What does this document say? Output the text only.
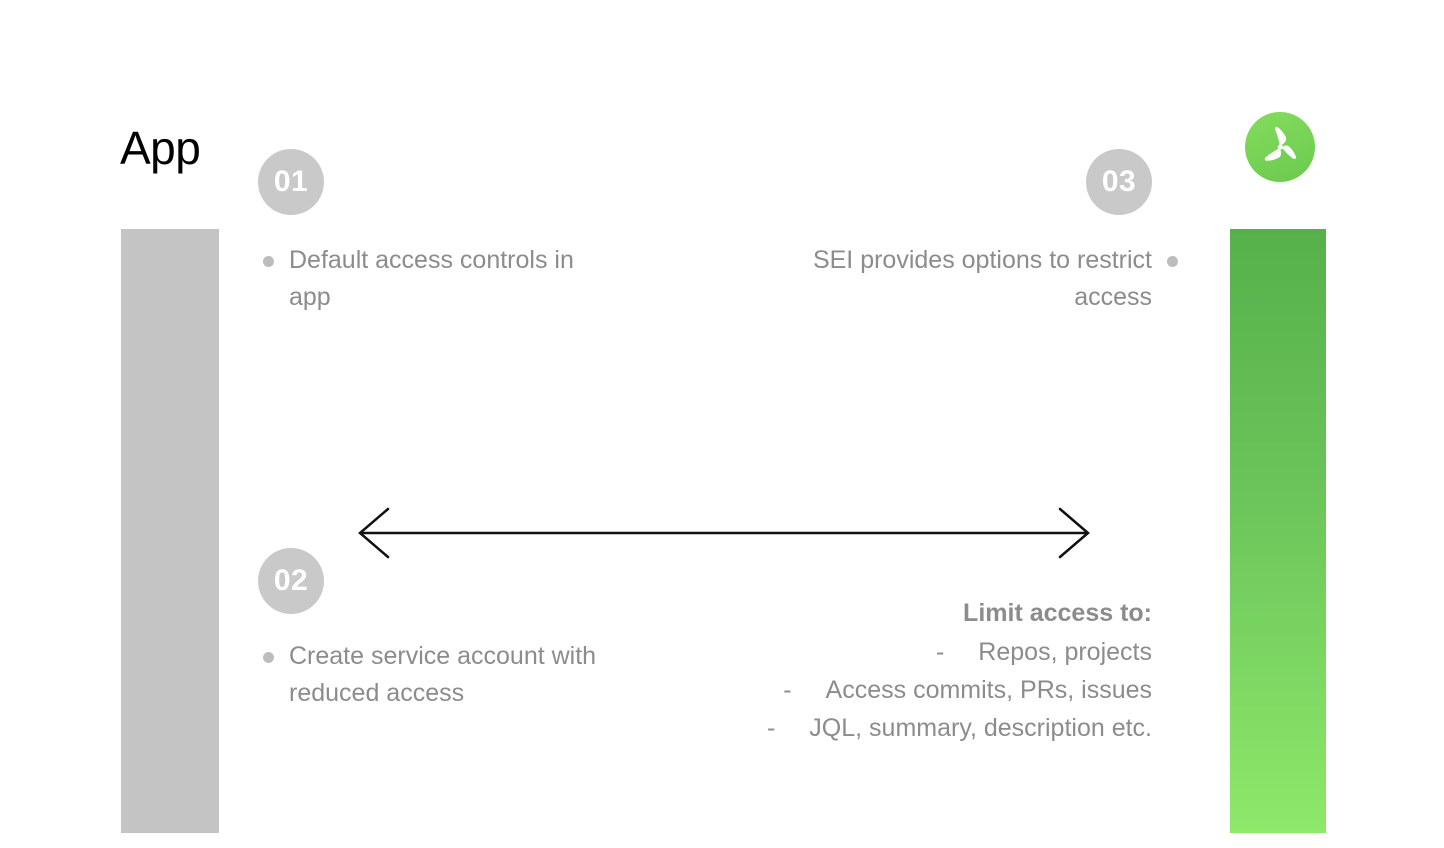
App
01
02
03
Default access controls in app
Create service account with reduced access
SEI provides options to restrict access
Limit access to:
- Repos, projects
- Access commits, PRs, issues
- JQL, summary, description etc.
